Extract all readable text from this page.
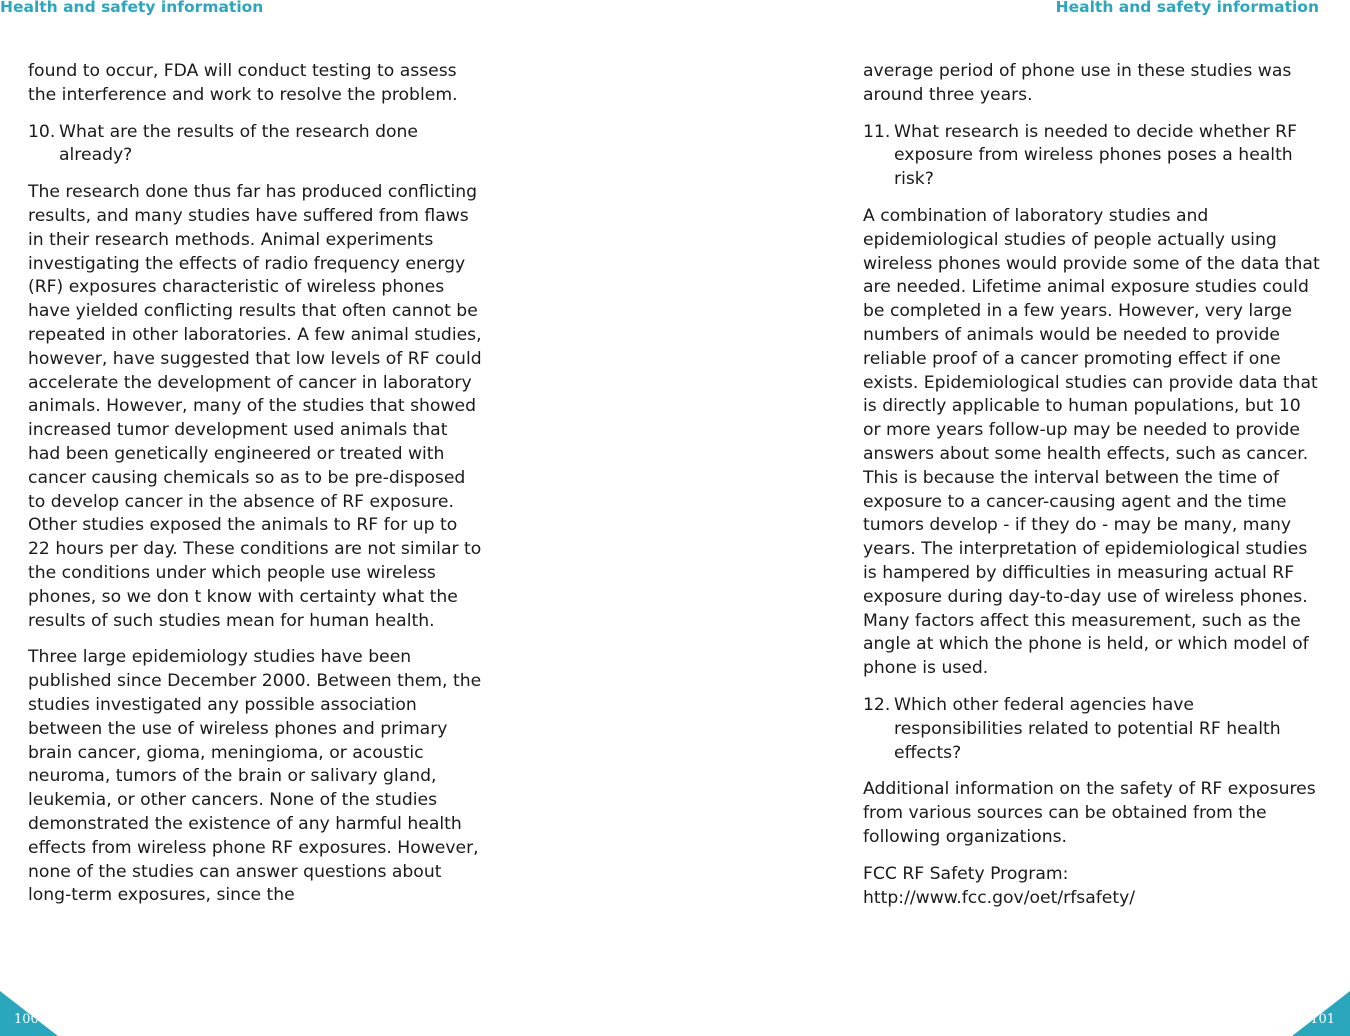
Health and safety information

found to occur, FDA will conduct testing to assess the interference and work to resolve the problem.

10. What are the results of the research done already?

The research done thus far has produced conflicting results, and many studies have suffered from flaws in their research methods. Animal experiments investigating the effects of radio frequency energy (RF) exposures characteristic of wireless phones have yielded conflicting results that often cannot be repeated in other laboratories. A few animal studies, however, have suggested that low levels of RF could accelerate the development of cancer in laboratory animals. However, many of the studies that showed increased tumor development used animals that had been genetically engineered or treated with cancer causing chemicals so as to be pre-disposed to develop cancer in the absence of RF exposure. Other studies exposed the animals to RF for up to 22 hours per day. These conditions are not similar to the conditions under which people use wireless phones, so we don t know with certainty what the results of such studies mean for human health.

Three large epidemiology studies have been published since December 2000. Between them, the studies investigated any possible association between the use of wireless phones and primary brain cancer, gioma, meningioma, or acoustic neuroma, tumors of the brain or salivary gland, leukemia, or other cancers. None of the studies demonstrated the existence of any harmful health effects from wireless phone RF exposures. However, none of the studies can answer questions about long-term exposures, since the

100
Health and safety information

average period of phone use in these studies was around three years.

11. What research is needed to decide whether RF exposure from wireless phones poses a health risk?

A combination of laboratory studies and epidemiological studies of people actually using wireless phones would provide some of the data that are needed. Lifetime animal exposure studies could be completed in a few years. However, very large numbers of animals would be needed to provide reliable proof of a cancer promoting effect if one exists. Epidemiological studies can provide data that is directly applicable to human populations, but 10 or more years follow-up may be needed to provide answers about some health effects, such as cancer. This is because the interval between the time of exposure to a cancer-causing agent and the time tumors develop - if they do - may be many, many years. The interpretation of epidemiological studies is hampered by difficulties in measuring actual RF exposure during day-to-day use of wireless phones. Many factors affect this measurement, such as the angle at which the phone is held, or which model of phone is used.

12. Which other federal agencies have responsibilities related to potential RF health effects?

Additional information on the safety of RF exposures from various sources can be obtained from the following organizations.

FCC RF Safety Program:
http://www.fcc.gov/oet/rfsafety/

101
